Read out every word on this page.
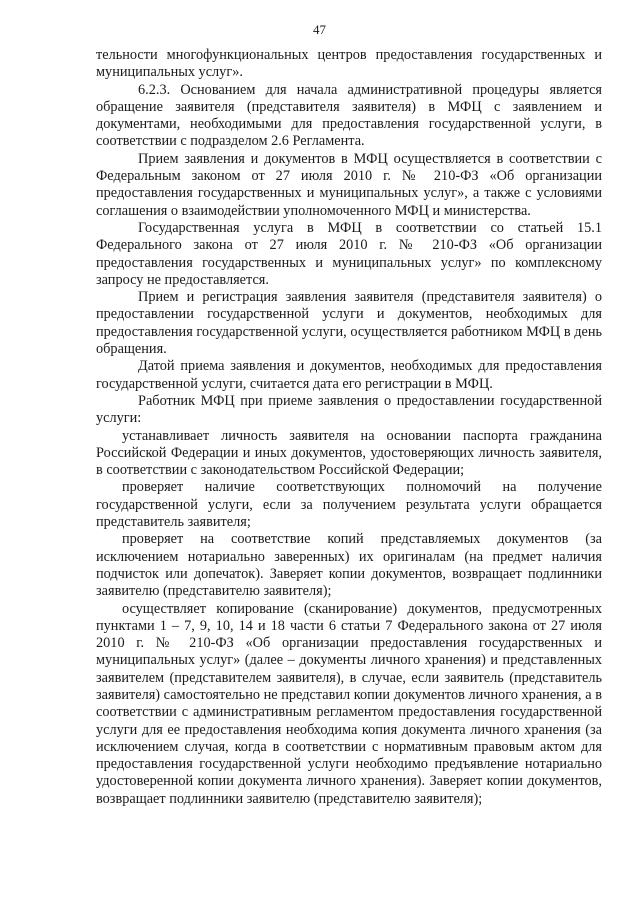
47

тельности многофункциональных центров предоставления государственных и муниципальных услуг».

6.2.3. Основанием для начала административной процедуры является обращение заявителя (представителя заявителя) в МФЦ с заявлением и документами, необходимыми для предоставления государственной услуги, в соответствии с подразделом 2.6 Регламента.

Прием заявления и документов в МФЦ осуществляется в соответствии с Федеральным законом от 27 июля 2010 г. № 210-ФЗ «Об организации предоставления государственных и муниципальных услуг», а также с условиями соглашения о взаимодействии уполномоченного МФЦ и министерства.

Государственная услуга в МФЦ в соответствии со статьей 15.1 Федерального закона от 27 июля 2010 г. № 210-ФЗ «Об организации предоставления государственных и муниципальных услуг» по комплексному запросу не предоставляется.

Прием и регистрация заявления заявителя (представителя заявителя) о предоставлении государственной услуги и документов, необходимых для предоставления государственной услуги, осуществляется работником МФЦ в день обращения.

Датой приема заявления и документов, необходимых для предоставления государственной услуги, считается дата его регистрации в МФЦ.

Работник МФЦ при приеме заявления о предоставлении государственной услуги:

устанавливает личность заявителя на основании паспорта гражданина Российской Федерации и иных документов, удостоверяющих личность заявителя, в соответствии с законодательством Российской Федерации;

проверяет наличие соответствующих полномочий на получение государственной услуги, если за получением результата услуги обращается представитель заявителя;

проверяет на соответствие копий представляемых документов (за исключением нотариально заверенных) их оригиналам (на предмет наличия подчисток или допечаток). Заверяет копии документов, возвращает подлинники заявителю (представителю заявителя);

осуществляет копирование (сканирование) документов, предусмотренных пунктами 1 – 7, 9, 10, 14 и 18 части 6 статьи 7 Федерального закона от 27 июля 2010 г. № 210-ФЗ «Об организации предоставления государственных и муниципальных услуг» (далее – документы личного хранения) и представленных заявителем (представителем заявителя), в случае, если заявитель (представитель заявителя) самостоятельно не представил копии документов личного хранения, а в соответствии с административным регламентом предоставления государственной услуги для ее предоставления необходима копия документа личного хранения (за исключением случая, когда в соответствии с нормативным правовым актом для предоставления государственной услуги необходимо предъявление нотариально удостоверенной копии документа личного хранения). Заверяет копии документов, возвращает подлинники заявителю (представителю заявителя);
